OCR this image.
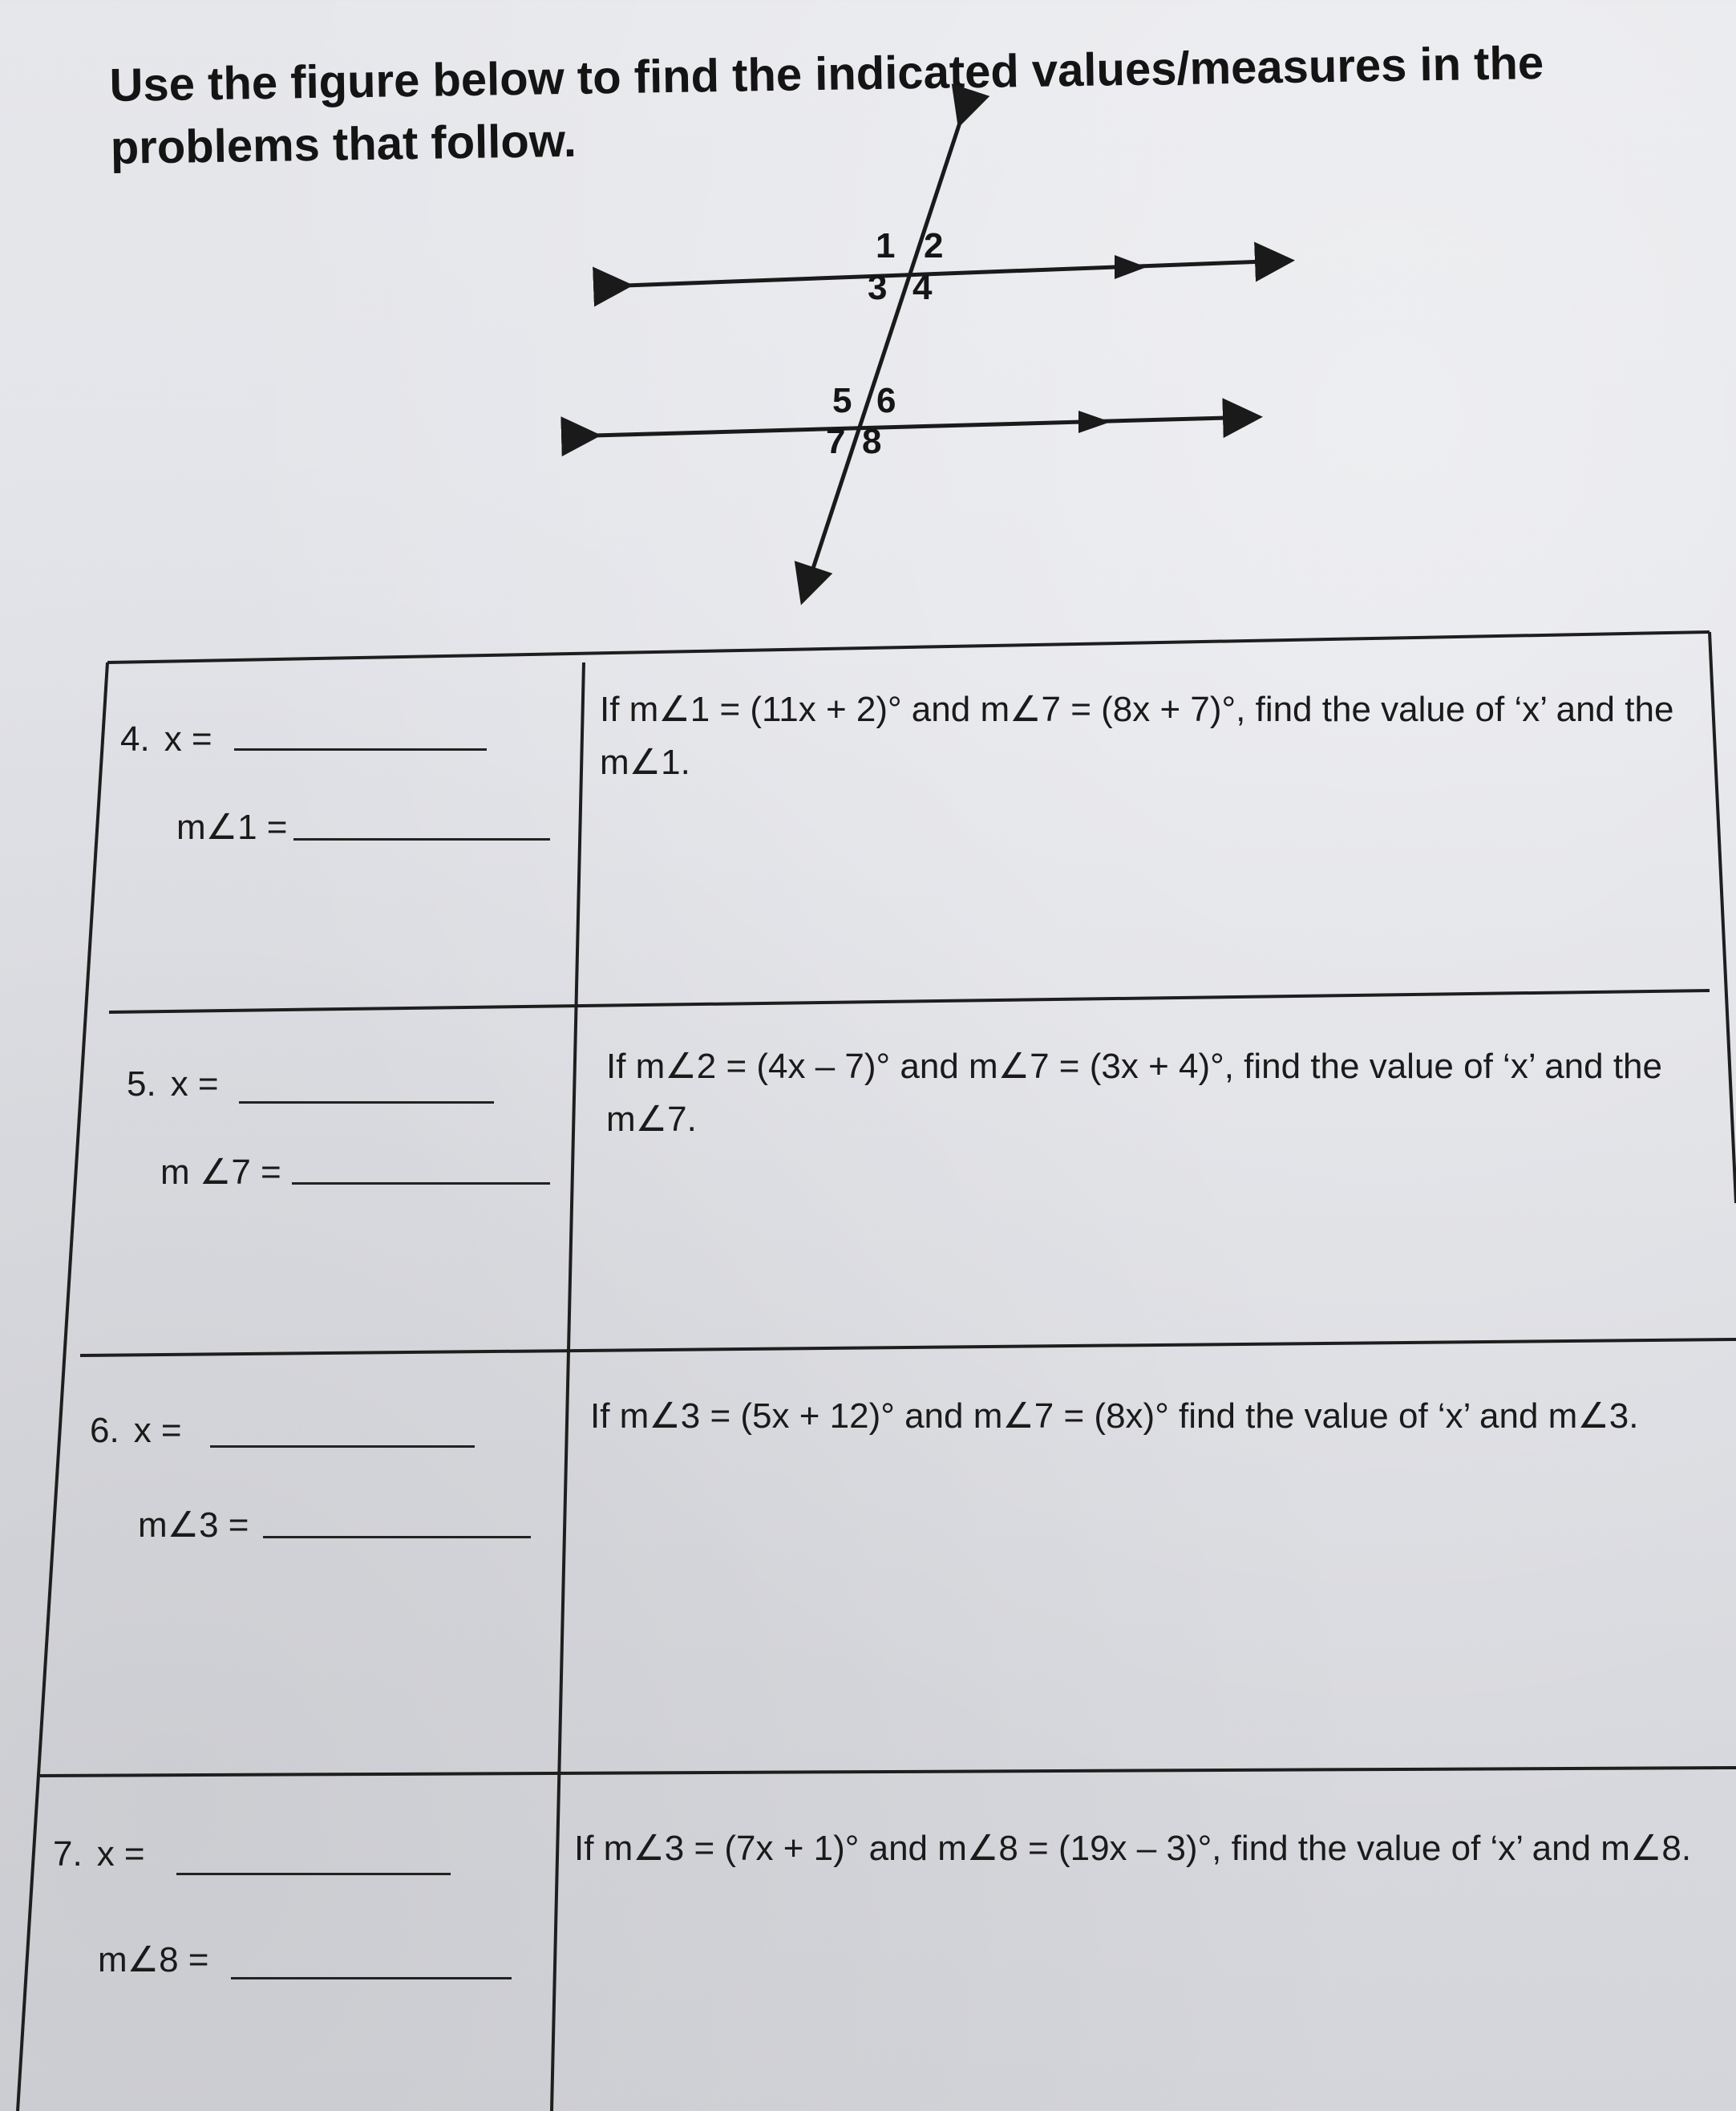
Use the figure below to find the indicated values/measures in the problems that follow.
1 2
3 4
5 6
7 8
4. x =
m∠1 =
If m∠1 = (11x + 2)° and m∠7 = (8x + 7)°, find the value of ‘x’ and the m∠1.
5. x =
m ∠7 =
If m∠2 = (4x – 7)° and m∠7 = (3x + 4)°, find the value of ‘x’ and the m∠7.
6. x =
m∠3 =
If m∠3 = (5x + 12)° and m∠7 = (8x)° find the value of ‘x’ and m∠3.
7. x =
m∠8 =
If m∠3 = (7x + 1)° and m∠8 = (19x – 3)°, find the value of ‘x’ and m∠8.
